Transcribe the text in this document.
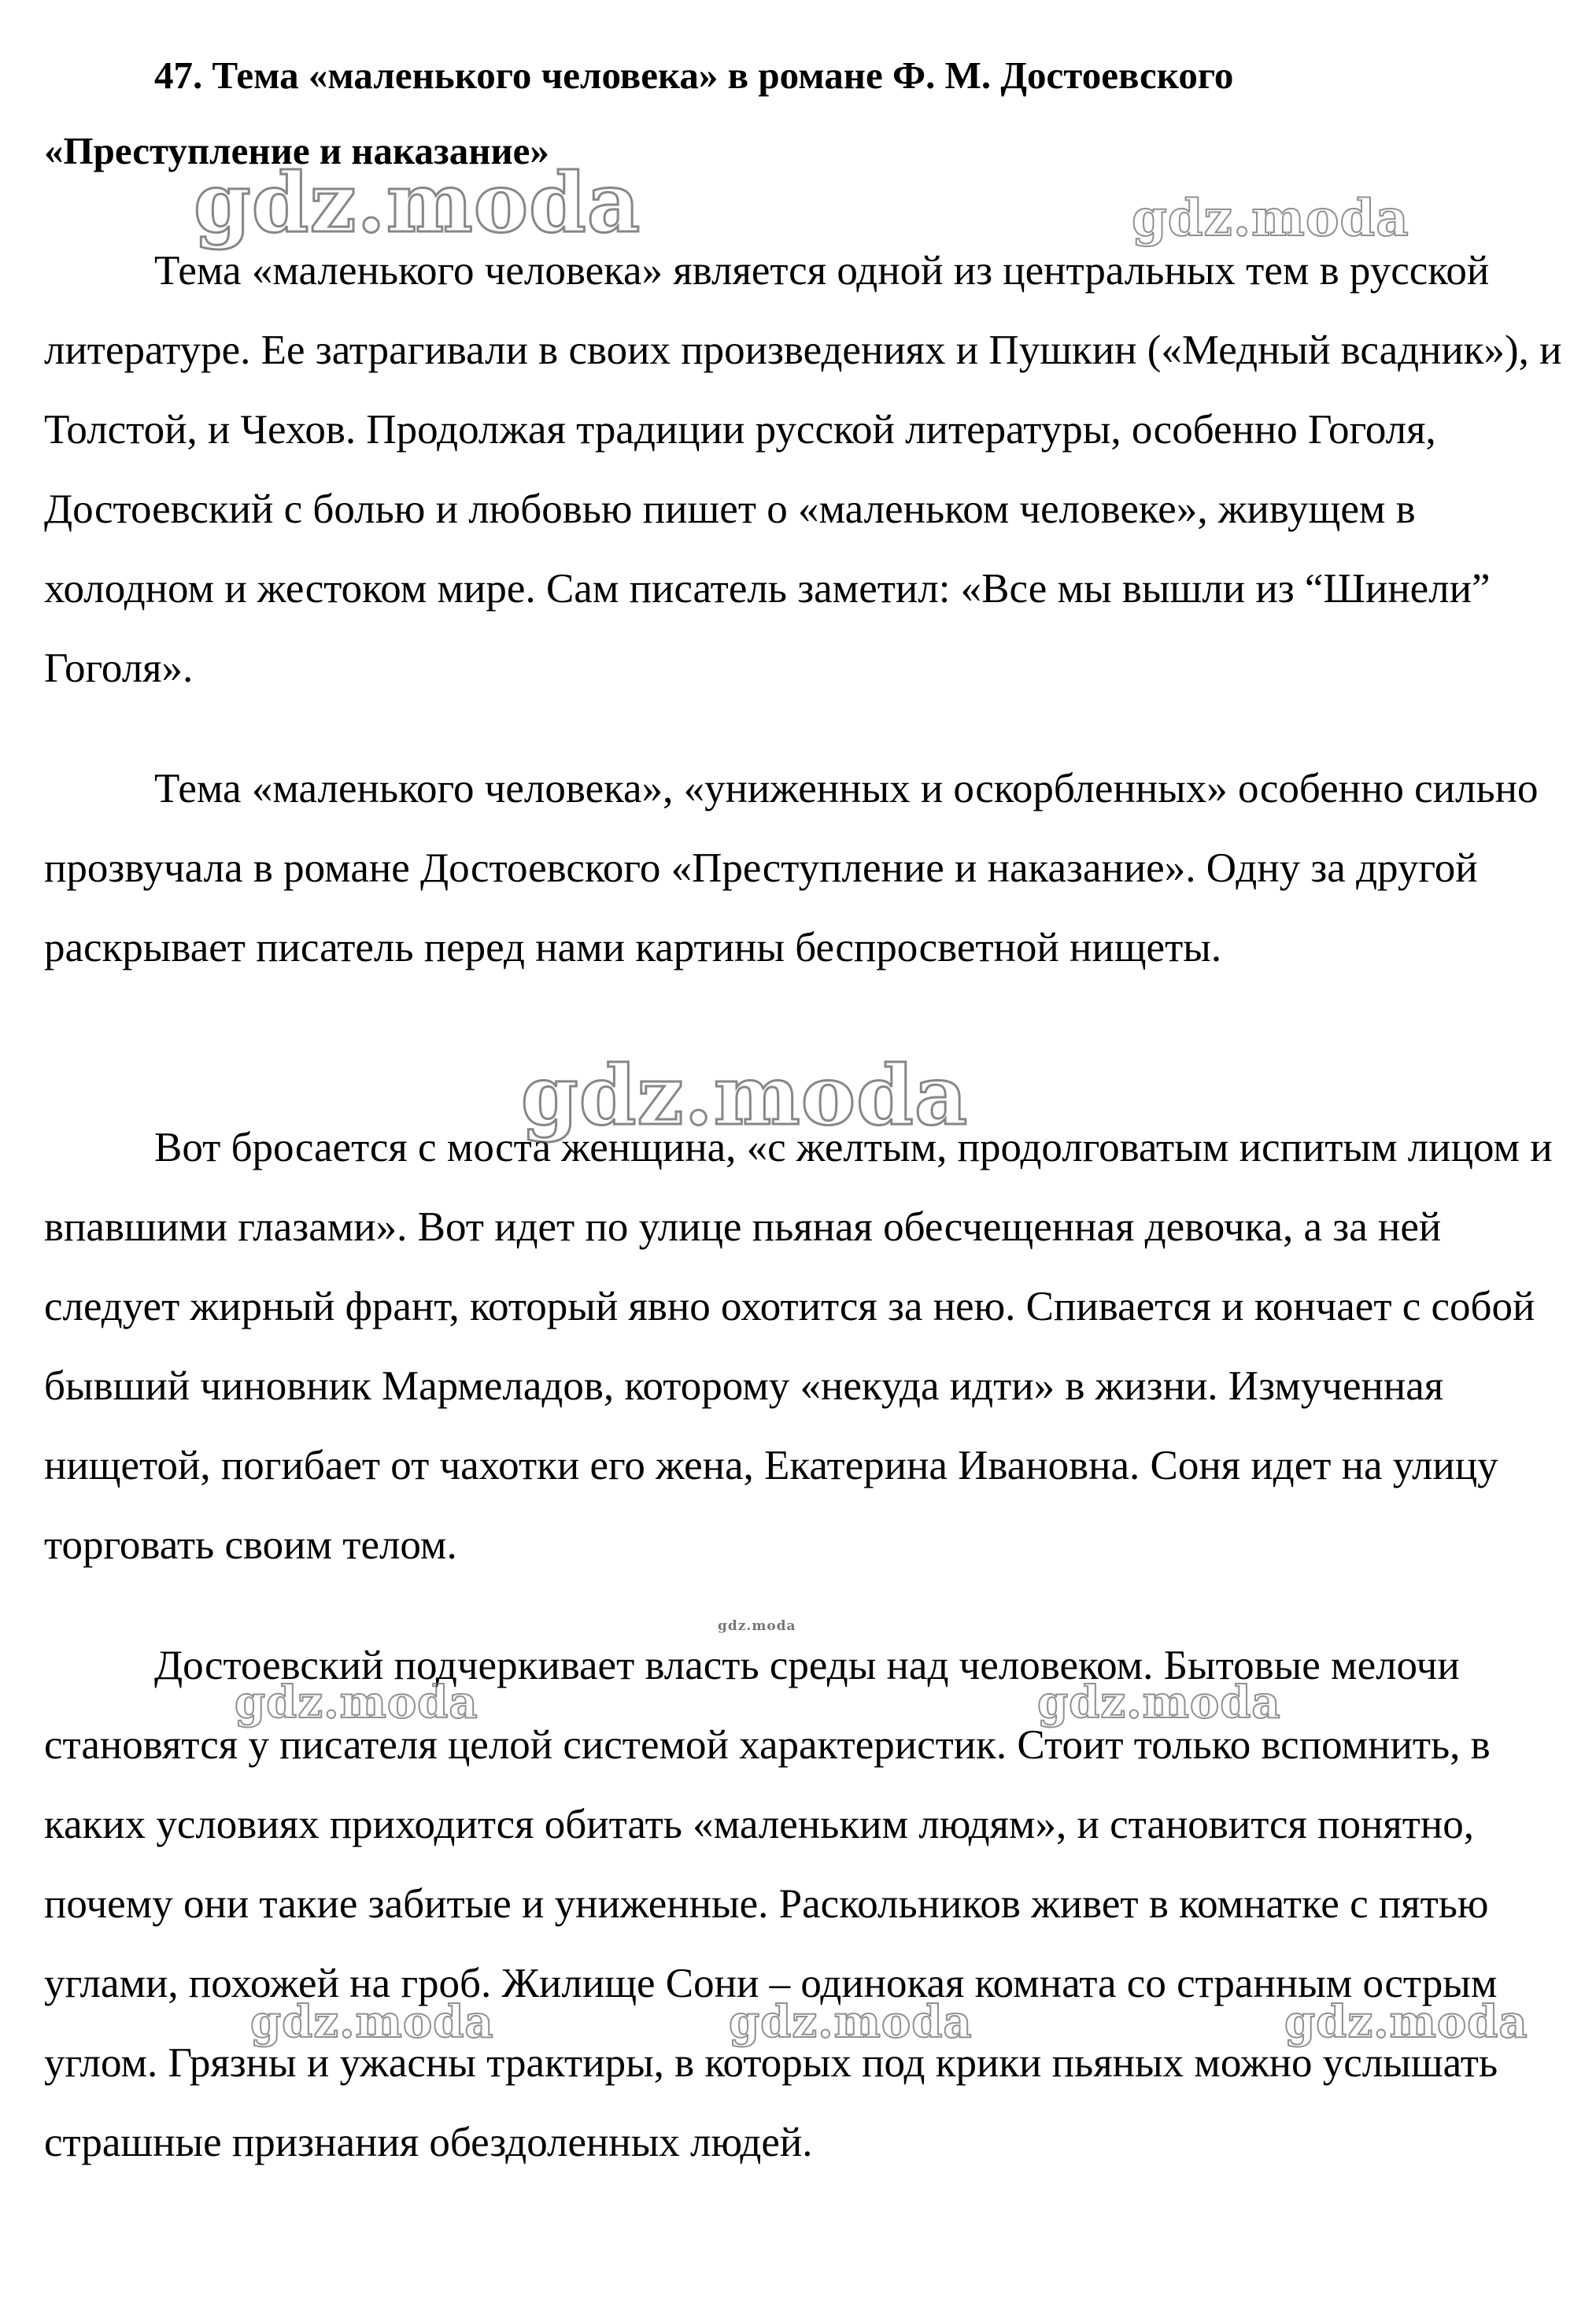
47. Тема «маленького человека» в романе Ф. М. Достоевского
«Преступление и наказание»

Тема «маленького человека» является одной из центральных тем в русской литературе. Ее затрагивали в своих произведениях и Пушкин («Медный всадник»), и Толстой, и Чехов. Продолжая традиции русской литературы, особенно Гоголя, Достоевский с болью и любовью пишет о «маленьком человеке», живущем в холодном и жестоком мире. Сам писатель заметил: «Все мы вышли из “Шинели” Гоголя».

Тема «маленького человека», «униженных и оскорбленных» особенно сильно прозвучала в романе Достоевского «Преступление и наказание». Одну за другой раскрывает писатель перед нами картины беспросветной нищеты.

Вот бросается с моста женщина, «с желтым, продолговатым испитым лицом и впавшими глазами». Вот идет по улице пьяная обесчещенная девочка, а за ней следует жирный франт, который явно охотится за нею. Спивается и кончает с собой бывший чиновник Мармеладов, которому «некуда идти» в жизни. Измученная нищетой, погибает от чахотки его жена, Екатерина Ивановна. Соня идет на улицу торговать своим телом.

Достоевский подчеркивает власть среды над человеком. Бытовые мелочи становятся у писателя целой системой характеристик. Стоит только вспомнить, в каких условиях приходится обитать «маленьким людям», и становится понятно, почему они такие забитые и униженные. Раскольников живет в комнатке с пятью углами, похожей на гроб. Жилище Сони – одинокая комната со странным острым углом. Грязны и ужасны трактиры, в которых под крики пьяных можно услышать страшные признания обездоленных людей.

gdz.moda	gdz.moda
gdz.moda
gdz.moda
gdz.moda	gdz.moda
gdz.moda	gdz.moda	gdz.moda
